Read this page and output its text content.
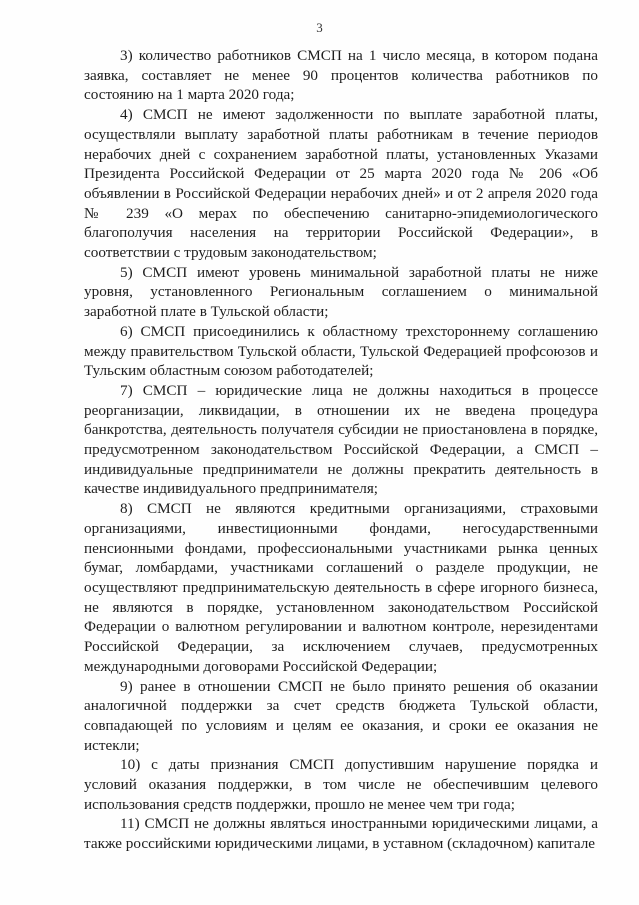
3

3) количество работников СМСП на 1 число месяца, в котором подана заявка, составляет не менее 90 процентов количества работников по состоянию на 1 марта 2020 года;

4) СМСП не имеют задолженности по выплате заработной платы, осуществляли выплату заработной платы работникам в течение периодов нерабочих дней с сохранением заработной платы, установленных Указами Президента Российской Федерации от 25 марта 2020 года № 206 «Об объявлении в Российской Федерации нерабочих дней» и от 2 апреля 2020 года № 239 «О мерах по обеспечению санитарно-эпидемиологического благополучия населения на территории Российской Федерации», в соответствии с трудовым законодательством;

5) СМСП имеют уровень минимальной заработной платы не ниже уровня, установленного Региональным соглашением о минимальной заработной плате в Тульской области;

6) СМСП присоединились к областному трехстороннему соглашению между правительством Тульской области, Тульской Федерацией профсоюзов и Тульским областным союзом работодателей;

7) СМСП – юридические лица не должны находиться в процессе реорганизации, ликвидации, в отношении их не введена процедура банкротства, деятельность получателя субсидии не приостановлена в порядке, предусмотренном законодательством Российской Федерации, а СМСП – индивидуальные предприниматели не должны прекратить деятельность в качестве индивидуального предпринимателя;

8) СМСП не являются кредитными организациями, страховыми организациями, инвестиционными фондами, негосударственными пенсионными фондами, профессиональными участниками рынка ценных бумаг, ломбардами, участниками соглашений о разделе продукции, не осуществляют предпринимательскую деятельность в сфере игорного бизнеса, не являются в порядке, установленном законодательством Российской Федерации о валютном регулировании и валютном контроле, нерезидентами Российской Федерации, за исключением случаев, предусмотренных международными договорами Российской Федерации;

9) ранее в отношении СМСП не было принято решения об оказании аналогичной поддержки за счет средств бюджета Тульской области, совпадающей по условиям и целям ее оказания, и сроки ее оказания не истекли;

10) с даты признания СМСП допустившим нарушение порядка и условий оказания поддержки, в том числе не обеспечившим целевого использования средств поддержки, прошло не менее чем три года;

11) СМСП не должны являться иностранными юридическими лицами, а также российскими юридическими лицами, в уставном (складочном) капитале
